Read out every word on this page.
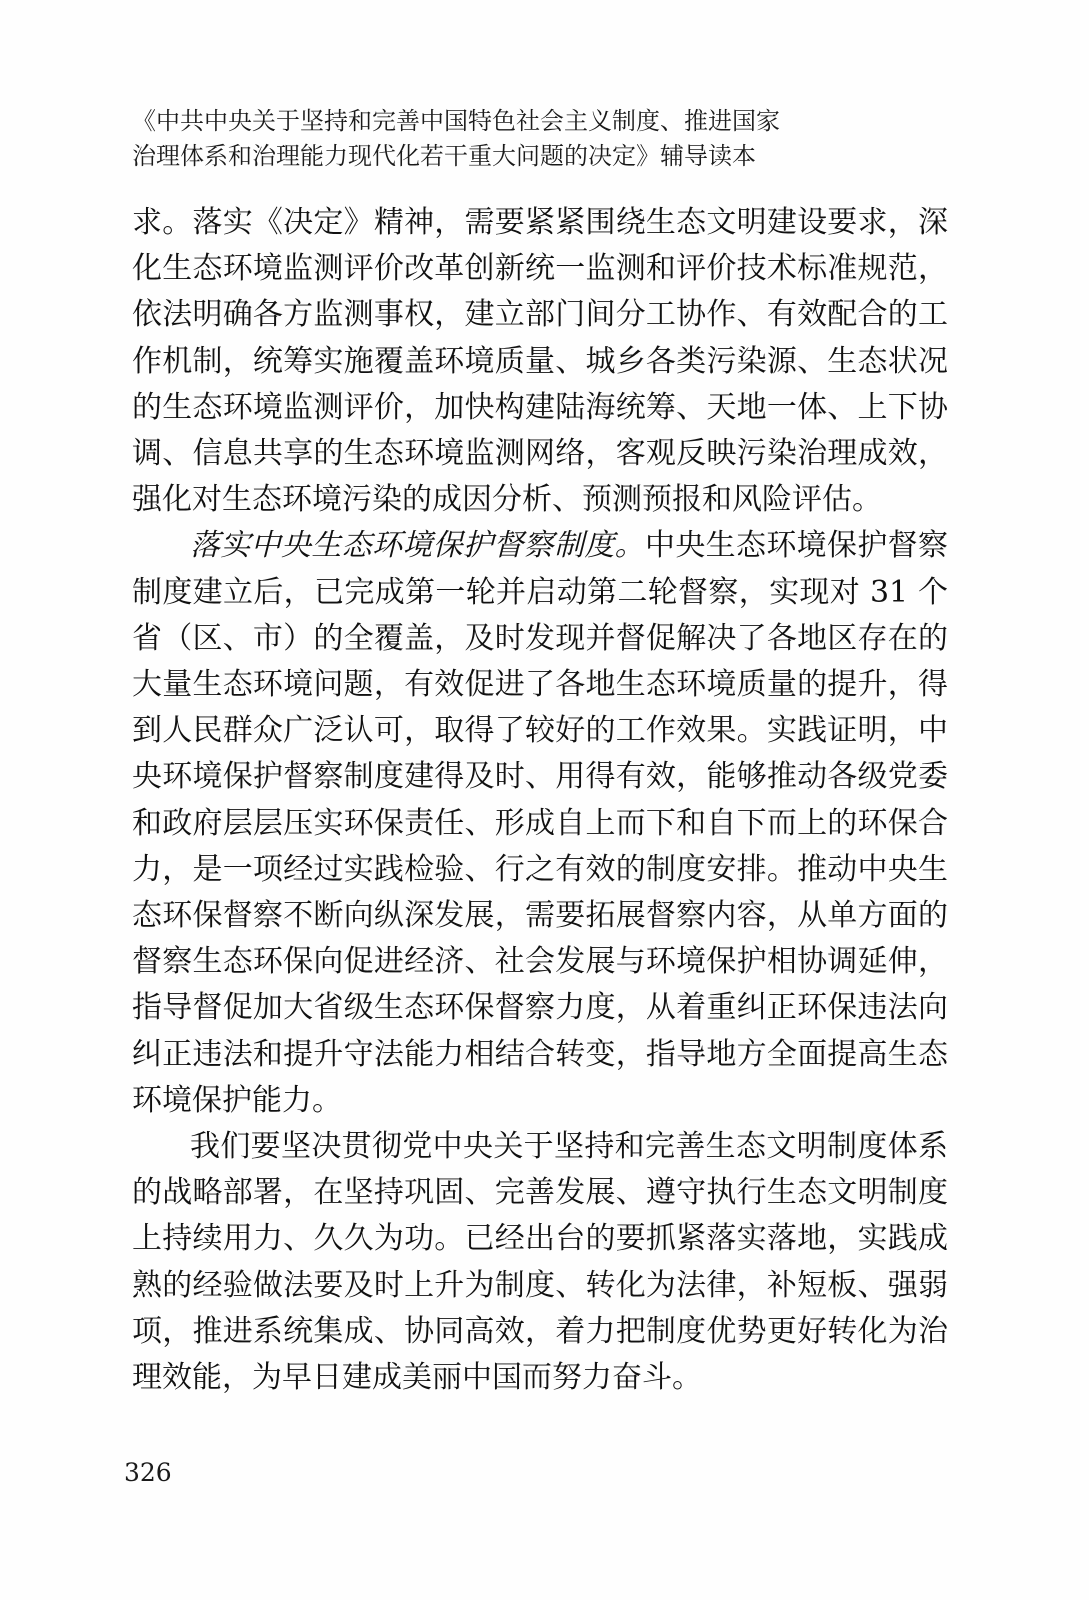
《中共中央关于坚持和完善中国特色社会主义制度、推进国家
治理体系和治理能力现代化若干重大问题的决定》辅导读本

求。落实《决定》精神，需要紧紧围绕生态文明建设要求，深化生态环境监测评价改革创新统一监测和评价技术标准规范，依法明确各方监测事权，建立部门间分工协作、有效配合的工作机制，统筹实施覆盖环境质量、城乡各类污染源、生态状况的生态环境监测评价，加快构建陆海统筹、天地一体、上下协调、信息共享的生态环境监测网络，客观反映污染治理成效，强化对生态环境污染的成因分析、预测预报和风险评估。

落实中央生态环境保护督察制度。中央生态环境保护督察制度建立后，已完成第一轮并启动第二轮督察，实现对 31 个省（区、市）的全覆盖，及时发现并督促解决了各地区存在的大量生态环境问题，有效促进了各地生态环境质量的提升，得到人民群众广泛认可，取得了较好的工作效果。实践证明，中央环境保护督察制度建得及时、用得有效，能够推动各级党委和政府层层压实环保责任、形成自上而下和自下而上的环保合力，是一项经过实践检验、行之有效的制度安排。推动中央生态环保督察不断向纵深发展，需要拓展督察内容，从单方面的督察生态环保向促进经济、社会发展与环境保护相协调延伸，指导督促加大省级生态环保督察力度，从着重纠正环保违法向纠正违法和提升守法能力相结合转变，指导地方全面提高生态环境保护能力。

我们要坚决贯彻党中央关于坚持和完善生态文明制度体系的战略部署，在坚持巩固、完善发展、遵守执行生态文明制度上持续用力、久久为功。已经出台的要抓紧落实落地，实践成熟的经验做法要及时上升为制度、转化为法律，补短板、强弱项，推进系统集成、协同高效，着力把制度优势更好转化为治理效能，为早日建成美丽中国而努力奋斗。

326
